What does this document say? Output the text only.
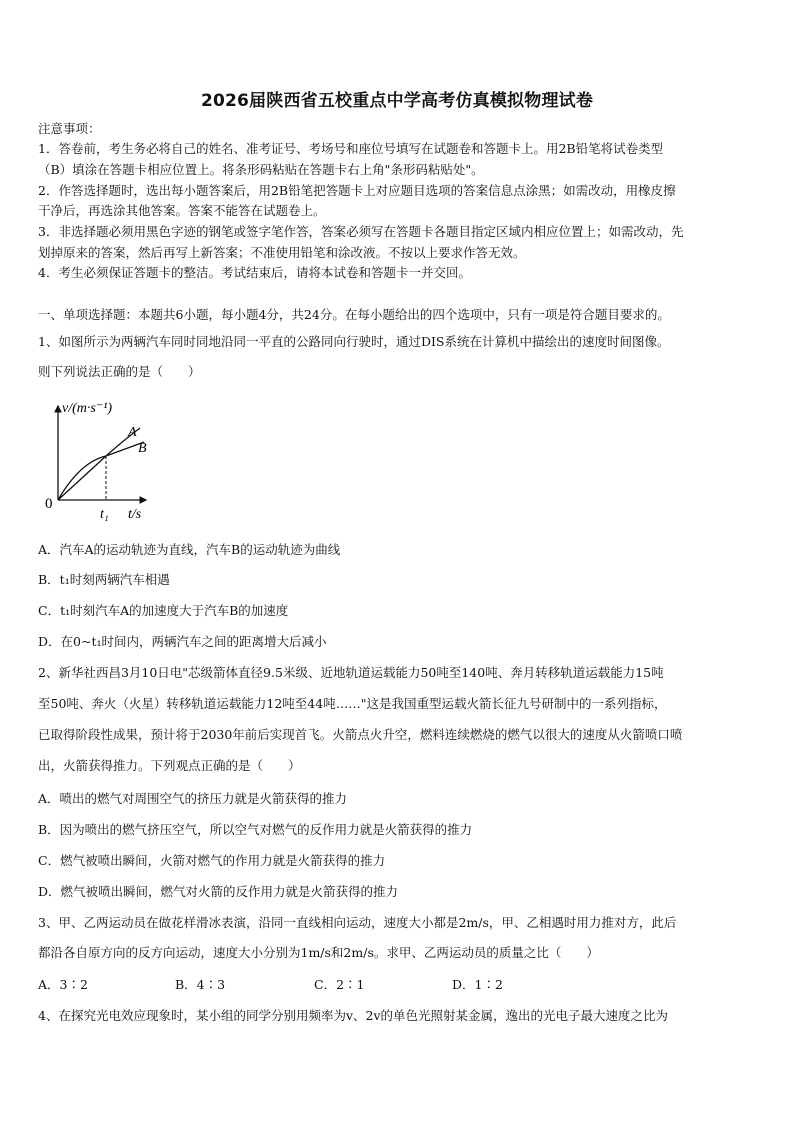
2026届陕西省五校重点中学高考仿真模拟物理试卷
注意事项：
1．答卷前，考生务必将自己的姓名、准考证号、考场号和座位号填写在试题卷和答题卡上。用2B铅笔将试卷类型
（B）填涂在答题卡相应位置上。将条形码粘贴在答题卡右上角"条形码粘贴处"。
2．作答选择题时，选出每小题答案后，用2B铅笔把答题卡上对应题目选项的答案信息点涂黑；如需改动，用橡皮擦
干净后，再选涂其他答案。答案不能答在试题卷上。
3．非选择题必须用黑色字迹的钢笔或签字笔作答，答案必须写在答题卡各题目指定区域内相应位置上；如需改动，先
划掉原来的答案，然后再写上新答案；不准使用铅笔和涂改液。不按以上要求作答无效。
4．考生必须保证答题卡的整洁。考试结束后，请将本试卷和答题卡一并交回。
一、单项选择题：本题共6小题，每小题4分，共24分。在每小题给出的四个选项中，只有一项是符合题目要求的。
1、如图所示为两辆汽车同时同地沿同一平直的公路同向行驶时，通过DIS系统在计算机中描绘出的速度时间图像。
则下列说法正确的是（　　）
v/(m·s⁻¹)
t/s
0
t₁
A
B
A．汽车A的运动轨迹为直线，汽车B的运动轨迹为曲线
B．t₁时刻两辆汽车相遇
C．t₁时刻汽车A的加速度大于汽车B的加速度
D．在0~t₁时间内，两辆汽车之间的距离增大后减小
2、新华社西昌3月10日电"芯级箭体直径9.5米级、近地轨道运载能力50吨至140吨、奔月转移轨道运载能力15吨
至50吨、奔火（火星）转移轨道运载能力12吨至44吨……"这是我国重型运载火箭长征九号研制中的一系列指标，
已取得阶段性成果，预计将于2030年前后实现首飞。火箭点火升空，燃料连续燃烧的燃气以很大的速度从火箭喷口喷
出，火箭获得推力。下列观点正确的是（　　）
A．喷出的燃气对周围空气的挤压力就是火箭获得的推力
B．因为喷出的燃气挤压空气，所以空气对燃气的反作用力就是火箭获得的推力
C．燃气被喷出瞬间，火箭对燃气的作用力就是火箭获得的推力
D．燃气被喷出瞬间，燃气对火箭的反作用力就是火箭获得的推力
3、甲、乙两运动员在做花样滑冰表演，沿同一直线相向运动，速度大小都是2m/s，甲、乙相遇时用力推对方，此后
都沿各自原方向的反方向运动，速度大小分别为1m/s和2m/s。求甲、乙两运动员的质量之比（　　）
A．3∶2	B．4∶3	C．2∶1	D．1∶2
4、在探究光电效应现象时，某小组的同学分别用频率为v、2v的单色光照射某金属，逸出的光电子最大速度之比为
